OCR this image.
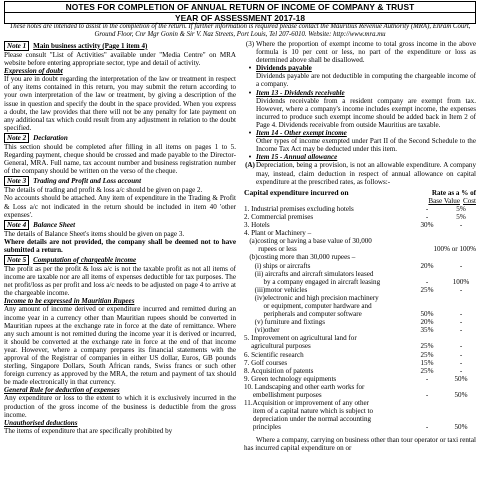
NOTES FOR COMPLETION OF ANNUAL RETURN OF INCOME OF COMPANY & TRUST
YEAR OF ASSESSMENT 2017-18
These notes are intended to assist in the completion of the return. If further information is required please contact the Mauritius Revenue Authority (MRA), Ehram Court, Ground Floor, Cnr Mgr Gonin & Sir V. Naz Streets, Port Louis, Tel 207-6010. Website: http://www.mra.mu
Note 1 Main business activity (Page 1 item 4)

Please consult "List of Activities" available under "Media Centre" on MRA website before entering appropriate sector, type and detail of activity.

Expression of doubt

If you are in doubt regarding the interpretation of the law or treatment in respect of any items contained in this return, you may submit the return according to your own interpretation of the law or treatment, by giving a description of the issue in question and specify the doubt in the space provided. When you express a doubt, the law provides that there will not be any penalty for late payment on any additional tax which could result from any adjustment in relation to the doubt specified.

Note 2 Declaration

This section should be completed after filling in all items on pages 1 to 5. Regarding payment, cheque should be crossed and made payable to the Director-General, MRA. Full name, tax account number and business registration number of the company should be written on the verso of the cheque.

Note 3 Trading and Profit and Loss account

The details of trading and profit & loss a/c should be given on page 2.

No accounts should be attached. Any item of expenditure in the Trading & Profit & Loss a/c not indicated in the return should be included in item 40 'other expenses'.

Note 4 Balance Sheet

The details of Balance Sheet's items should be given on page 3.

Where details are not provided, the company shall be deemed not to have submitted a return.

Note 5 Computation of chargeable income

The profit as per the profit & loss a/c is not the taxable profit as not all items of income are taxable nor are all items of expenses deductible for tax purposes. The net profit/loss as per profit and loss a/c needs to be adjusted on page 4 to arrive at the chargeable income.

Income to be expressed in Mauritian Rupees

Any amount of income derived or expenditure incurred and remitted during an income year in a currency other than Mauritian rupees should be converted in Mauritian rupees at the exchange rate in force at the date of remittance. Where any such amount is not remitted during the income year it is derived or incurred, it should be converted at the exchange rate in force at the end of that income year. However, where a company prepares its financial statements with the approval of the Registrar of companies in either US dollar, Euros, GB pounds sterling, Singapore Dollars, South African rands, Swiss francs or such other foreign currency as approved by the MRA, the return and payment of tax should be made electronically in that currency.

General Rule for deduction of expenses

Any expenditure or loss to the extent to which it is exclusively incurred in the production of the gross income of the business is deductible from the gross income.

Unauthorised deductions

The items of expenditure that are specifically prohibited by

(3) Where the proportion of exempt income to total gross income in the above formula is 10 per cent or less, no part of the expenditure or loss as determined above shall be disallowed.

• Dividends payable

Dividends payable are not deductible in computing the chargeable income of a company.

• Item 13 - Dividends receivable

Dividends receivable from a resident company are exempt from tax. However, where a company's income includes exempt income, the expenses incurred to produce such exempt income should be added back in Item 2 of Page 4. Dividends receivable from outside Mauritius are taxable.

• Item 14 - Other exempt income

Other types of income exempted under Part II of the Second Schedule to the Income Tax Act may be deducted under this item.

• Item 15 - Annual allowance
(A) Depreciation, being a provision, is not an allowable expenditure. A company may, instead, claim deduction in respect of annual allowance on capital expenditure at the prescribed rates, as follows:-

Capital expenditure incurred on	Rate as a % of
Base Value Cost
1. Industrial premises excluding hotels	-	5%
2. Commercial premises	-	5%
3. Hotels	30%	-
4. Plant or Machinery –
(a)costing or having a base value of 30,000
rupees or less	100% or 100%
(b)costing more than 30,000 rupees –
(i) ships or aircrafts	20%	-
(ii) aircrafts and aircraft simulators leased
by a company engaged in aircraft leasing	-	100%
(iii)motor vehicles	25%	-
(iv)electronic and high precision machinery
or equipment, computer hardware and
peripherals and computer software	50%	-
(v) furniture and fixtings	20%	-
(vi)other	35%	-
5. Improvement on agricultural land for
agricultural purposes	25%	-
6. Scientific research	25%	-
7. Golf courses	15%	-
8. Acquisition of patents	25%	-
9. Green technology equipments	-	50%
10. Landscaping and other earth works for
embellishment purposes	-	50%
11.Acquisition or improvement of any other
item of a capital nature which is subject to
depreciation under the normal accounting
principles	-	50%

Where a company, carrying on business other than tour operator or taxi rental has incurred capital expenditure on or
